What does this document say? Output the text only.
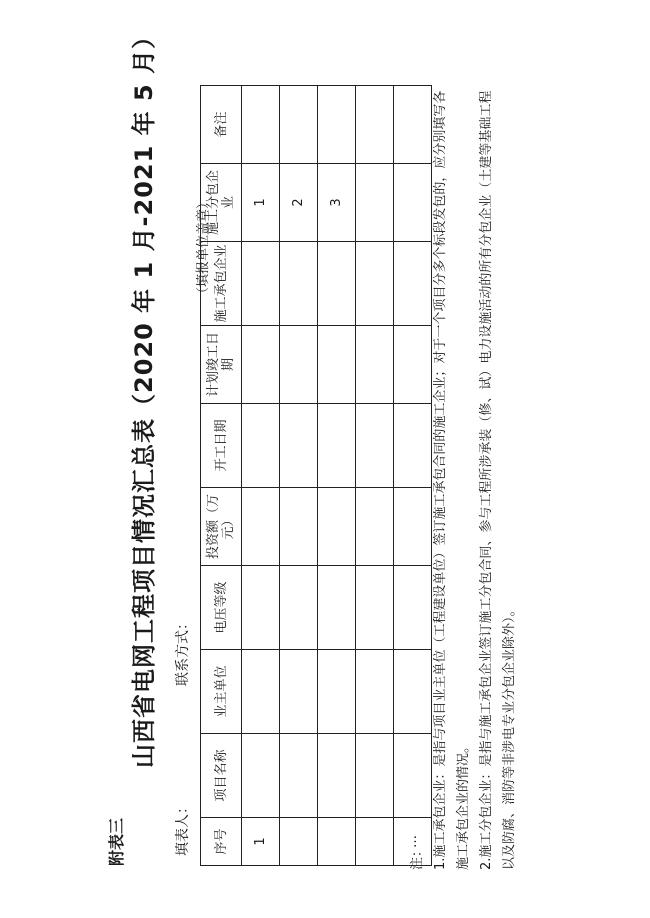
附表三
山西省电网工程项目情况汇总表（2020 年 1 月-2021 年 5 月）
填表人：
联系方式：
（填报单位盖章）
序号	项目名称	业主单位	电压等级	投资额（万元）	开工日期	计划竣工日期	施工承包企业	施工分包企业	备注
1								1	
								2	
								3	

…									
注： 1.施工承包企业：是指与项目业主单位（工程建设单位）签订施工承包合同的施工企业；对于一个项目分多个标段发包的，应分别填写各施工承包企业的情况。 2.施工分包企业：是指与施工承包企业签订施工分包合同、参与工程所涉承装（修、试）电力设施活动的所有分包企业（土建等基础工程以及防腐、消防等非涉电专业分包企业除外）。
